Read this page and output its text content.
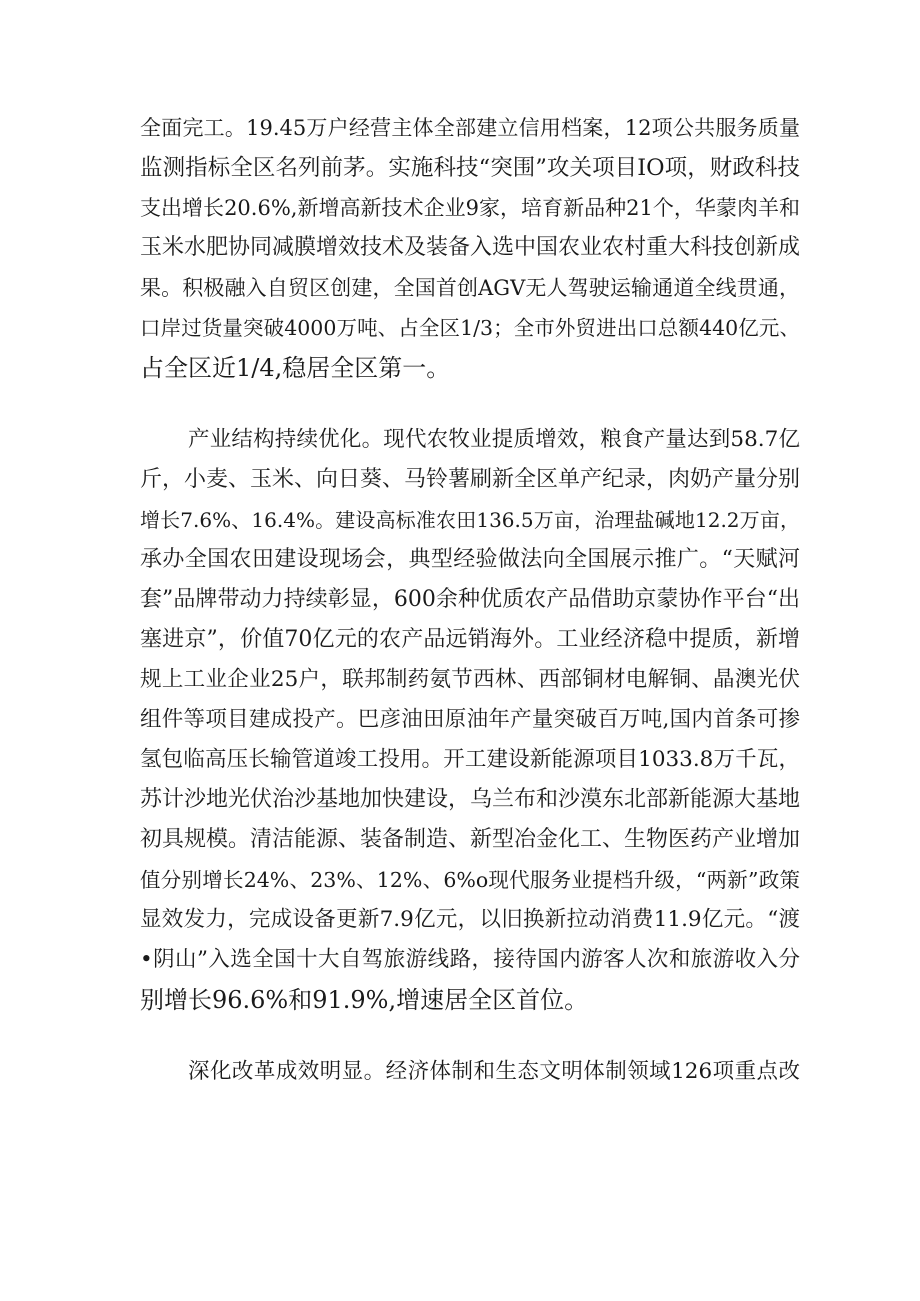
全面完工。19.45万户经营主体全部建立信用档案，12项公共服务质量
监测指标全区名列前茅。实施科技“突围”攻关项目IO项，财政科技
支出增长20.6%,新增高新技术企业9家，培育新品种21个，华蒙肉羊和
玉米水肥协同减膜增效技术及装备入选中国农业农村重大科技创新成
果。积极融入自贸区创建，全国首创AGV无人驾驶运输通道全线贯通，
口岸过货量突破4000万吨、占全区1/3；全市外贸进出口总额440亿元、
占全区近1/4,稳居全区第一。
产业结构持续优化。现代农牧业提质增效，粮食产量达到58.7亿
斤，小麦、玉米、向日葵、马铃薯刷新全区单产纪录，肉奶产量分别
增长7.6%、16.4%。建设高标准农田136.5万亩，治理盐碱地12.2万亩，
承办全国农田建设现场会，典型经验做法向全国展示推广。“天赋河
套”品牌带动力持续彰显，600余种优质农产品借助京蒙协作平台“出
塞进京”，价值70亿元的农产品远销海外。工业经济稳中提质，新增
规上工业企业25户，联邦制药氨节西林、西部铜材电解铜、晶澳光伏
组件等项目建成投产。巴彦油田原油年产量突破百万吨,国内首条可掺
氢包临高压长输管道竣工投用。开工建设新能源项目1033.8万千瓦，
苏计沙地光伏治沙基地加快建设，乌兰布和沙漠东北部新能源大基地
初具规模。清洁能源、装备制造、新型冶金化工、生物医药产业增加
值分别增长24%、23%、12%、6%o现代服务业提档升级，“两新”政策
显效发力，完成设备更新7.9亿元，以旧换新拉动消费11.9亿元。“渡
•阴山”入选全国十大自驾旅游线路，接待国内游客人次和旅游收入分
别增长96.6%和91.9%,增速居全区首位。
深化改革成效明显。经济体制和生态文明体制领域126项重点改
